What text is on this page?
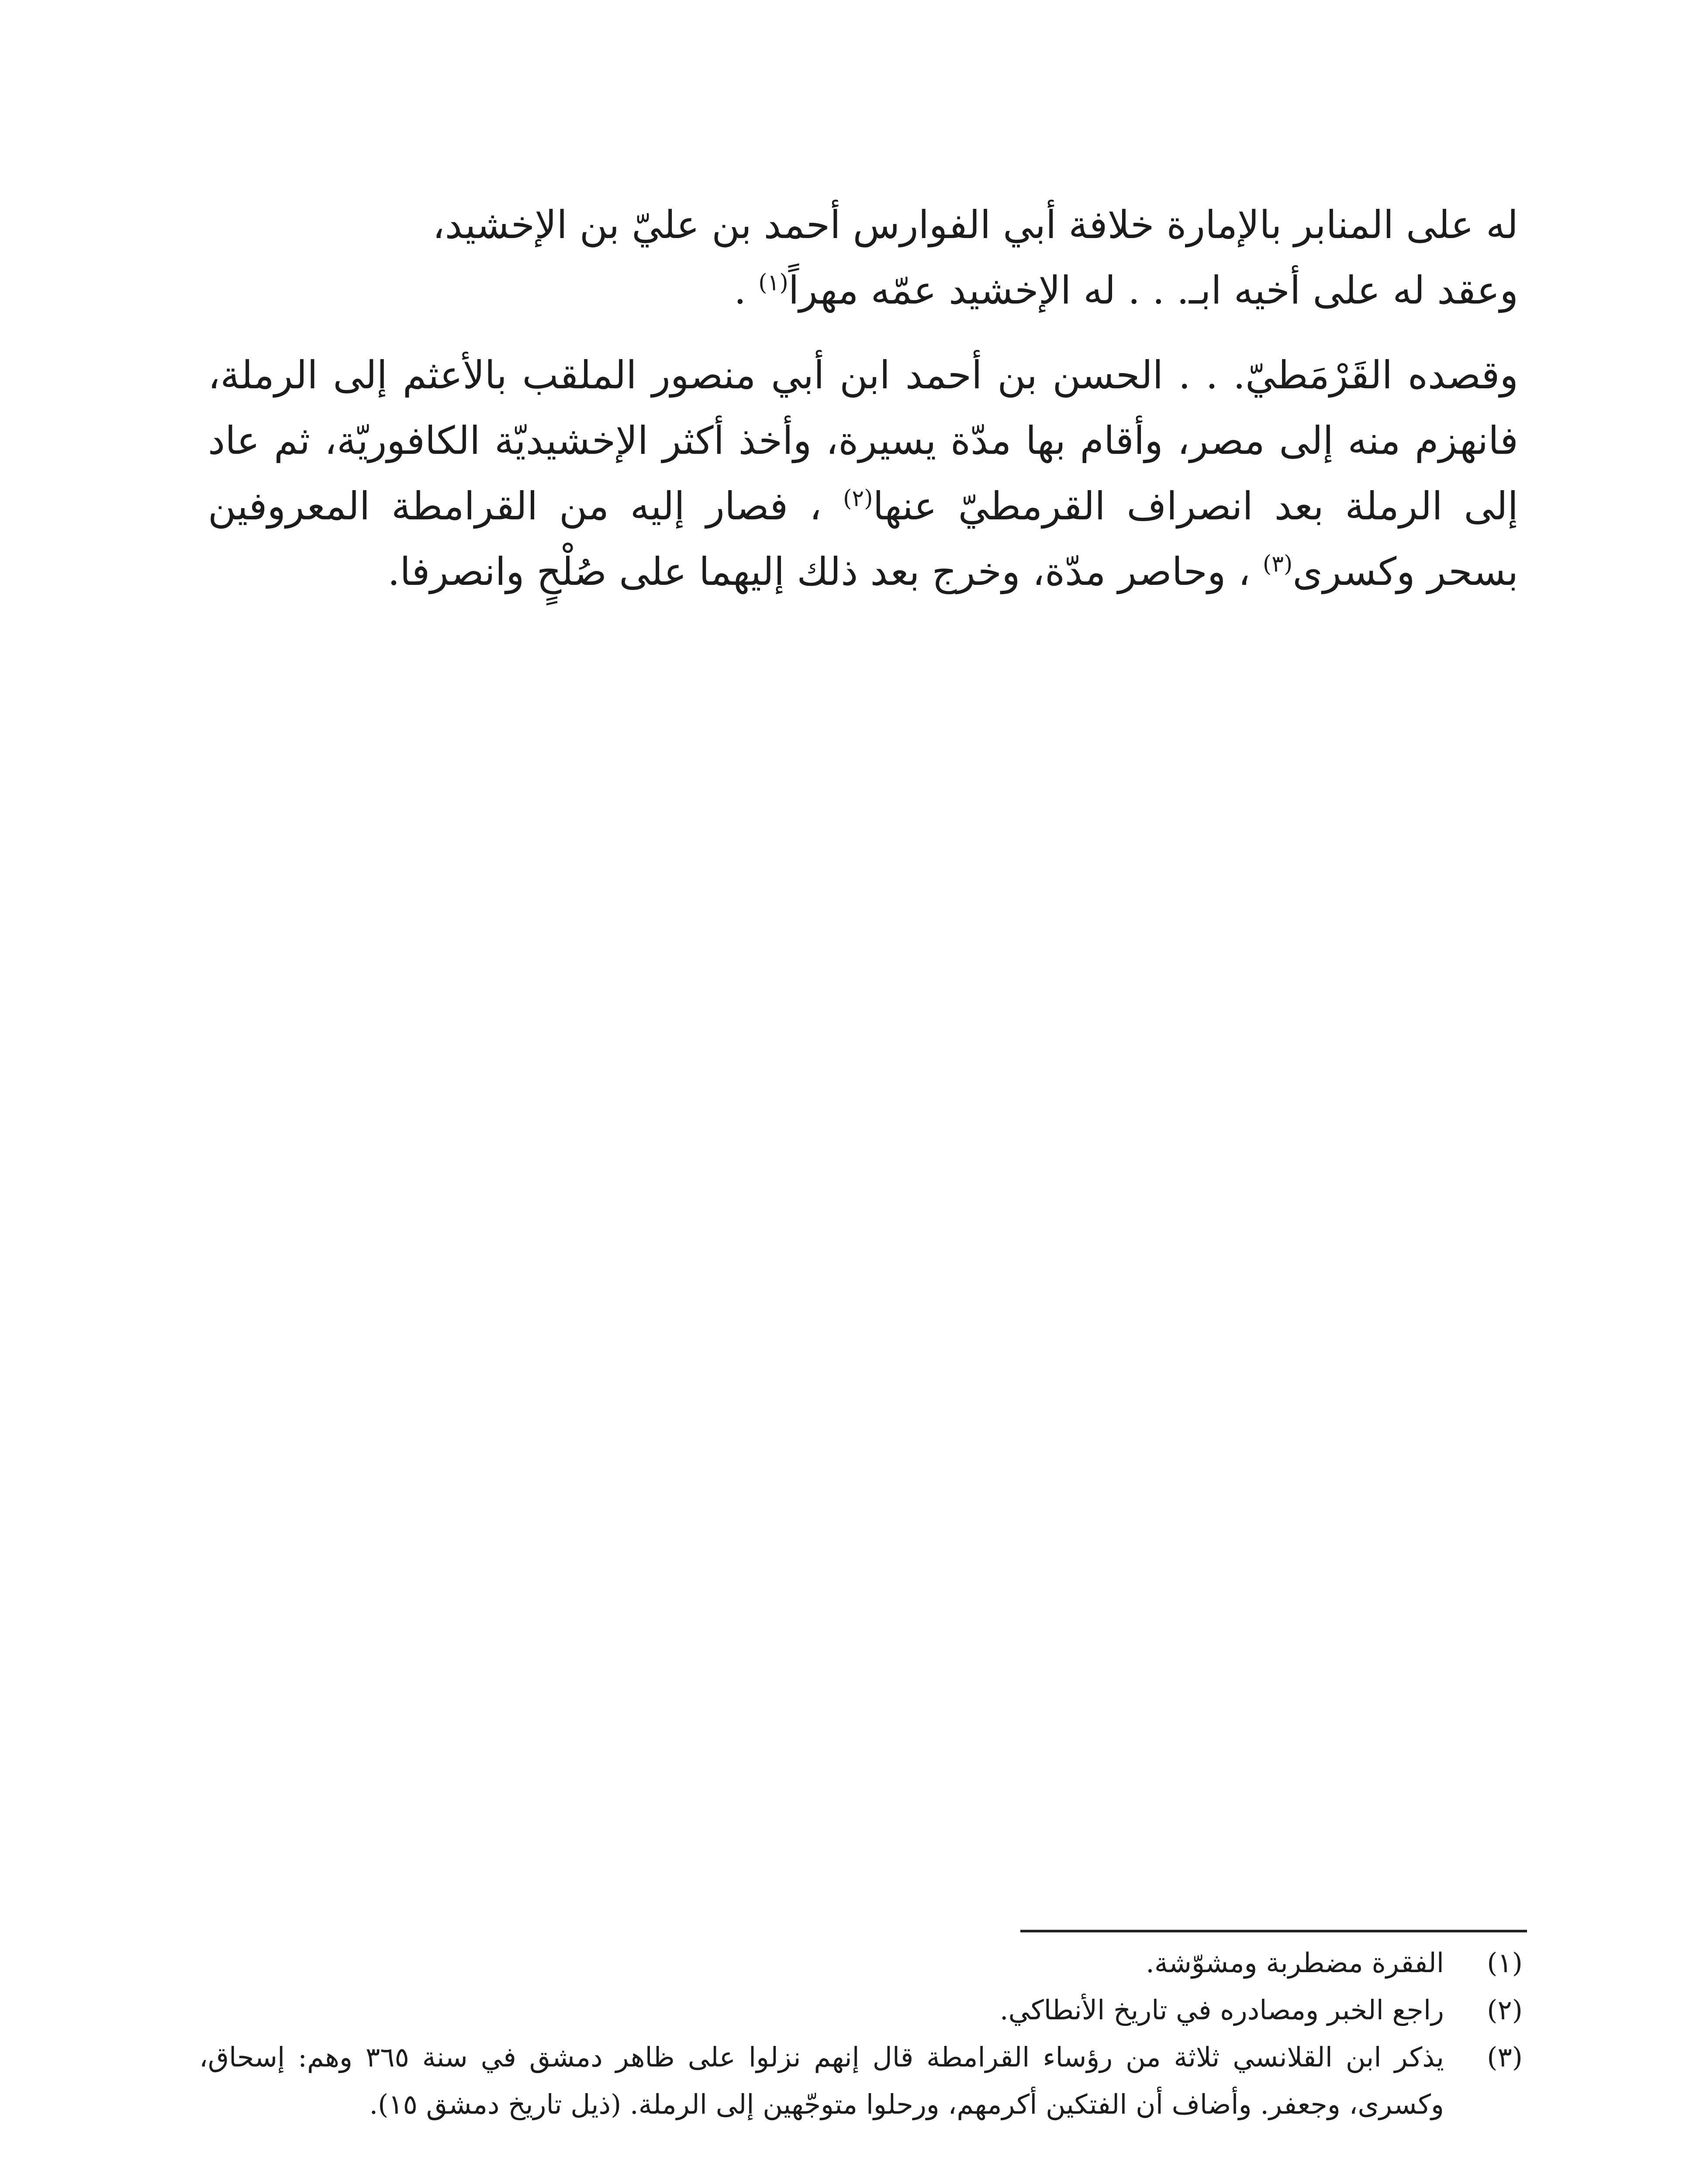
له على المنابر بالإمارة خلافة أبي الفوارس أحمد بن عليّ بن الإخشيد،
وعقد له على أخيه ابـ. . . له الإخشيد عمّه مهراً$^{(١)}$ .

وقصده القَرْمَطيّ. . . الحسن بن أحمد ابن أبي منصور الملقب بالأعثم إلى الرملة، فانهزم منه إلى مصر، وأقام بها مدّة يسيرة، وأخذ أكثر الإخشيديّة الكافوريّة، ثم عاد إلى الرملة بعد انصراف القرمطيّ عنها$^{(٢)}$ ، فصار إليه من القرامطة المعروفين بسحر وكسرى$^{(٣)}$ ، وحاصر مدّة، وخرج بعد ذلك إليهما على صُلْحٍ وانصرفا.

(١)
الفقرة مضطربة ومشوّشة.
(٢)
راجع الخبر ومصادره في تاريخ الأنطاكي.
(٣)
يذكر ابن القلانسي ثلاثة من رؤساء القرامطة قال إنهم نزلوا على ظاهر دمشق في سنة ٣٦٥ وهم: إسحاق، وكسرى، وجعفر. وأضاف أن الفتكين أكرمهم، ورحلوا متوجّهين إلى الرملة. (ذيل تاريخ دمشق ١٥).
